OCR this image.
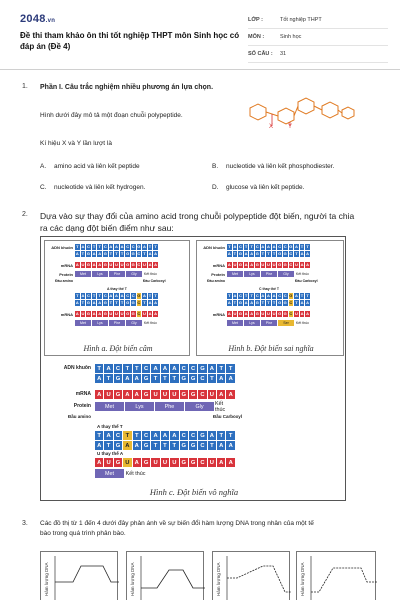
2048.vn
Đề thi tham khảo ôn thi tốt nghiệp THPT môn Sinh học có đáp án (Đề 4)
LỚP :	Tốt nghiệp THPT
MÔN :	Sinh học
SỐ CÂU :	31
1. Phần I. Câu trắc nghiệm nhiều phương án lựa chọn.
Hình dưới đây mô tả một đoạn chuỗi polypeptide.
X Y
Kí hiệu X và Y lần lượt là
A. amino acid và liên kết peptide	B. nucleotide và liên kết phosphodiester.
C. nucleotide và liên kết hydrogen.	D. glucose và liên kết peptide.
2. Dựa vào sự thay đổi của amino acid trong chuỗi polypeptide đột biến, người ta chia
ra các dạng đột biến điểm như sau:
ADN khuôn T A C T T C A A A C C G A T T
A T G A A G T T T G G C T A A
mRNA A U G A A G U U U G G C U A A
Protein	Met	Lys	Phe	Gly	Kết thúc
Đầu amino	Đầu Carboxyl
A thay thế T
T A C T T C A A A C C G A T T
A T G A A G T T T G G C T A A
mRNA A U G A A G U U U G G C U A A
Met	Lys	Phe	Gly	Kết thúc
Hình a. Đột biến câm
ADN khuôn T A C T T C A A A C C G A T T
A T G A A G T T T G G C T A A
mRNA A U G A A G U U U G G C U A A
Protein	Met	Lys	Phe	Gly	Kết thúc
Đầu amino	Đầu Carboxyl
C thay thế T
T A C T T C A A A C C G A T T
A T G A A G T T T G G C T A A
mRNA A U G A A G U U U G G C U A A
Met	Lys	Phe	Ser	Kết thúc
Hình b. Đột biến sai nghĩa
ADN khuôn	T A C T	T C A A A C C G A T	T
A T G A A G T	T	T G G C T A A
mRNA	A U G A A G U U U G G C U A A
Protein	Met	Lys	Phe	Gly	Kết thúc
Đầu amino	Đầu Carboxyl
A thay thế T
T A C T	T C A A A C C G A T	T
A T G A A G T	T	T G G C T A A
U thay thế A
A U G U A G U U U G G C U A A
Met	Kết thúc
Hình c. Đột biến vô nghĩa
3. Các đồ thị từ 1 đến 4 dưới đây phản ánh về sự biến đổi hàm lượng DNA trong nhân của một tế
bào trong quá trình phân bào.
Hàm lượng DNA	Hàm lượng DNA	Hàm lượng DNA	Hàm lượng DNA
